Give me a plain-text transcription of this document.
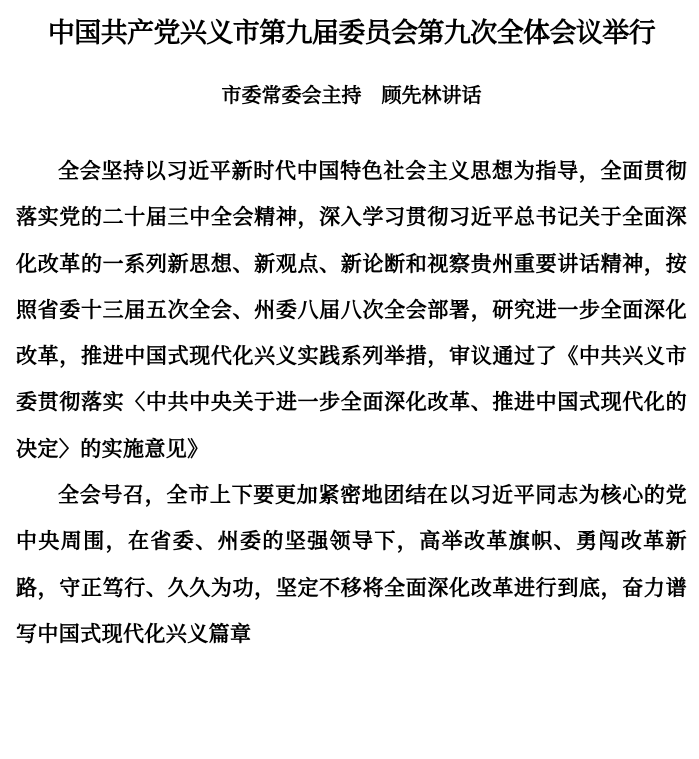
中国共产党兴义市第九届委员会第九次全体会议举行
市委常委会主持　顾先林讲话

全会坚持以习近平新时代中国特色社会主义思想为指导，全面贯彻落实党的二十届三中全会精神，深入学习贯彻习近平总书记关于全面深化改革的一系列新思想、新观点、新论断和视察贵州重要讲话精神，按照省委十三届五次全会、州委八届八次全会部署，研究进一步全面深化改革，推进中国式现代化兴义实践系列举措，审议通过了《中共兴义市委贯彻落实〈中共中央关于进一步全面深化改革、推进中国式现代化的决定〉的实施意见》

全会号召，全市上下要更加紧密地团结在以习近平同志为核心的党中央周围，在省委、州委的坚强领导下，高举改革旗帜、勇闯改革新路，守正笃行、久久为功，坚定不移将全面深化改革进行到底，奋力谱写中国式现代化兴义篇章
